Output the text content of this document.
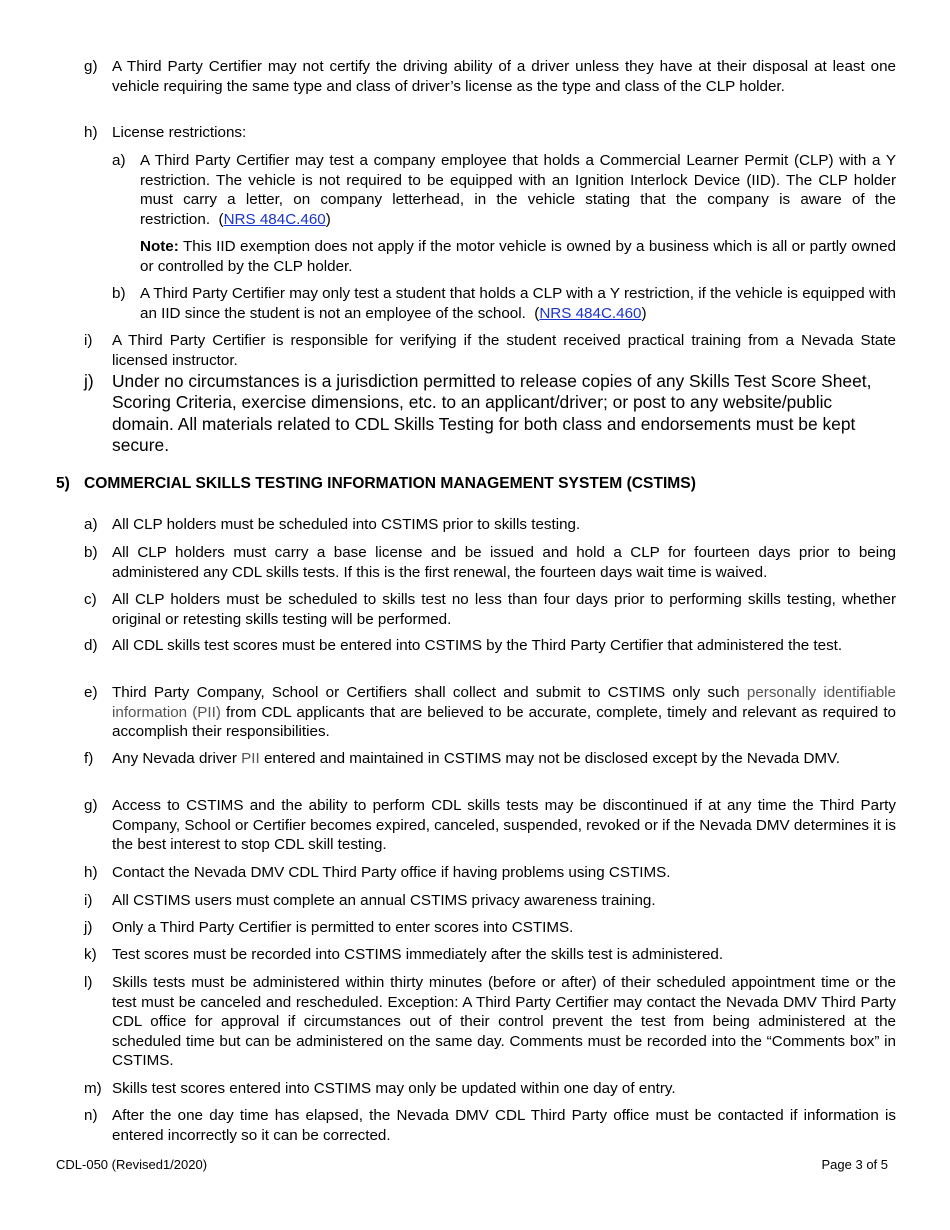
g) A Third Party Certifier may not certify the driving ability of a driver unless they have at their disposal at least one vehicle requiring the same type and class of driver’s license as the type and class of the CLP holder.
h) License restrictions:
a) A Third Party Certifier may test a company employee that holds a Commercial Learner Permit (CLP) with a Y restriction. The vehicle is not required to be equipped with an Ignition Interlock Device (IID). The CLP holder must carry a letter, on company letterhead, in the vehicle stating that the company is aware of the restriction.  (NRS 484C.460)
Note: This IID exemption does not apply if the motor vehicle is owned by a business which is all or partly owned or controlled by the CLP holder.
b) A Third Party Certifier may only test a student that holds a CLP with a Y restriction, if the vehicle is equipped with an IID since the student is not an employee of the school.  (NRS 484C.460)
i) A Third Party Certifier is responsible for verifying if the student received practical training from a Nevada State licensed instructor.
j) Under no circumstances is a jurisdiction permitted to release copies of any Skills Test Score Sheet, Scoring Criteria, exercise dimensions, etc. to an applicant/driver; or post to any website/public domain. All materials related to CDL Skills Testing for both class and endorsements must be kept secure.
5) COMMERCIAL SKILLS TESTING INFORMATION MANAGEMENT SYSTEM (CSTIMS)
a) All CLP holders must be scheduled into CSTIMS prior to skills testing.
b) All CLP holders must carry a base license and be issued and hold a CLP for fourteen days prior to being administered any CDL skills tests. If this is the first renewal, the fourteen days wait time is waived.
c) All CLP holders must be scheduled to skills test no less than four days prior to performing skills testing, whether original or retesting skills testing will be performed.
d) All CDL skills test scores must be entered into CSTIMS by the Third Party Certifier that administered the test.
e) Third Party Company, School or Certifiers shall collect and submit to CSTIMS only such personally identifiable information (PII) from CDL applicants that are believed to be accurate, complete, timely and relevant as required to accomplish their responsibilities.
f) Any Nevada driver PII entered and maintained in CSTIMS may not be disclosed except by the Nevada DMV.
g) Access to CSTIMS and the ability to perform CDL skills tests may be discontinued if at any time the Third Party Company, School or Certifier becomes expired, canceled, suspended, revoked or if the Nevada DMV determines it is the best interest to stop CDL skill testing.
h) Contact the Nevada DMV CDL Third Party office if having problems using CSTIMS.
i) All CSTIMS users must complete an annual CSTIMS privacy awareness training.
j) Only a Third Party Certifier is permitted to enter scores into CSTIMS.
k) Test scores must be recorded into CSTIMS immediately after the skills test is administered.
l) Skills tests must be administered within thirty minutes (before or after) of their scheduled appointment time or the test must be canceled and rescheduled. Exception: A Third Party Certifier may contact the Nevada DMV Third Party CDL office for approval if circumstances out of their control prevent the test from being administered at the scheduled time but can be administered on the same day. Comments must be recorded into the “Comments box” in CSTIMS.
m) Skills test scores entered into CSTIMS may only be updated within one day of entry.
n) After the one day time has elapsed, the Nevada DMV CDL Third Party office must be contacted if information is entered incorrectly so it can be corrected.
CDL-050 (Revised1/2020)	Page 3 of 5
